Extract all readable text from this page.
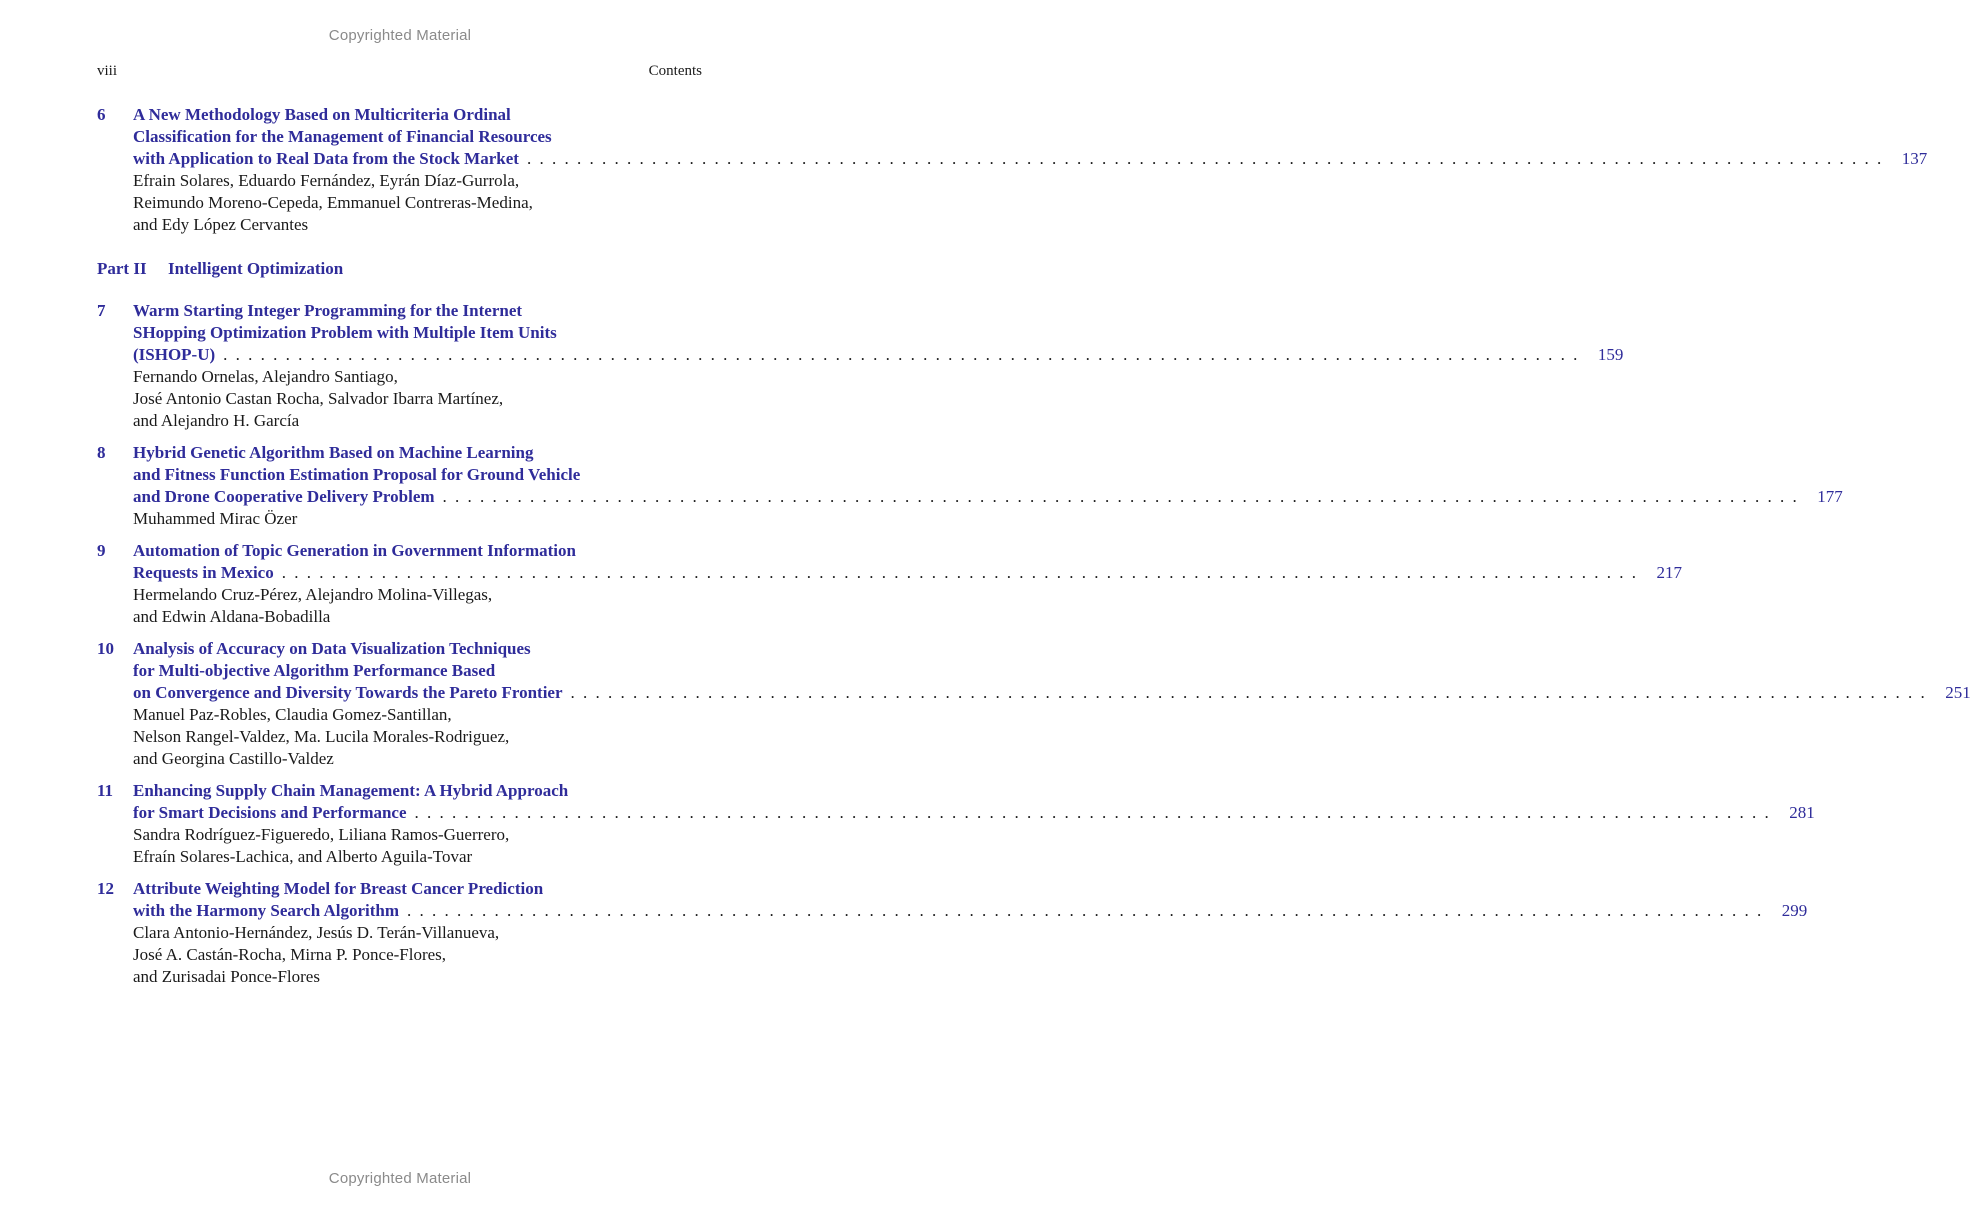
Copyrighted Material
viii	Contents
6	A New Methodology Based on Multicriteria Ordinal
Classification for the Management of Financial Resources
with Application to Real Data from the Stock Market . . .	137
Efrain Solares, Eduardo Fernández, Eyrán Díaz-Gurrola,
Reimundo Moreno-Cepeda, Emmanuel Contreras-Medina,
and Edy López Cervantes
Part II Intelligent Optimization
7	Warm Starting Integer Programming for the Internet
SHopping Optimization Problem with Multiple Item Units
(ISHOP-U) . . .	159
Fernando Ornelas, Alejandro Santiago,
José Antonio Castan Rocha, Salvador Ibarra Martínez,
and Alejandro H. García
8	Hybrid Genetic Algorithm Based on Machine Learning
and Fitness Function Estimation Proposal for Ground Vehicle
and Drone Cooperative Delivery Problem . . .	177
Muhammed Mirac Özer
9	Automation of Topic Generation in Government Information
Requests in Mexico . . .	217
Hermelando Cruz-Pérez, Alejandro Molina-Villegas,
and Edwin Aldana-Bobadilla
10	Analysis of Accuracy on Data Visualization Techniques
for Multi-objective Algorithm Performance Based
on Convergence and Diversity Towards the Pareto Frontier . . .	251
Manuel Paz-Robles, Claudia Gomez-Santillan,
Nelson Rangel-Valdez, Ma. Lucila Morales-Rodriguez,
and Georgina Castillo-Valdez
11	Enhancing Supply Chain Management: A Hybrid Approach
for Smart Decisions and Performance . . .	281
Sandra Rodríguez-Figueredo, Liliana Ramos-Guerrero,
Efraín Solares-Lachica, and Alberto Aguila-Tovar
12	Attribute Weighting Model for Breast Cancer Prediction
with the Harmony Search Algorithm . . .	299
Clara Antonio-Hernández, Jesús D. Terán-Villanueva,
José A. Castán-Rocha, Mirna P. Ponce-Flores,
and Zurisadai Ponce-Flores
Copyrighted Material
